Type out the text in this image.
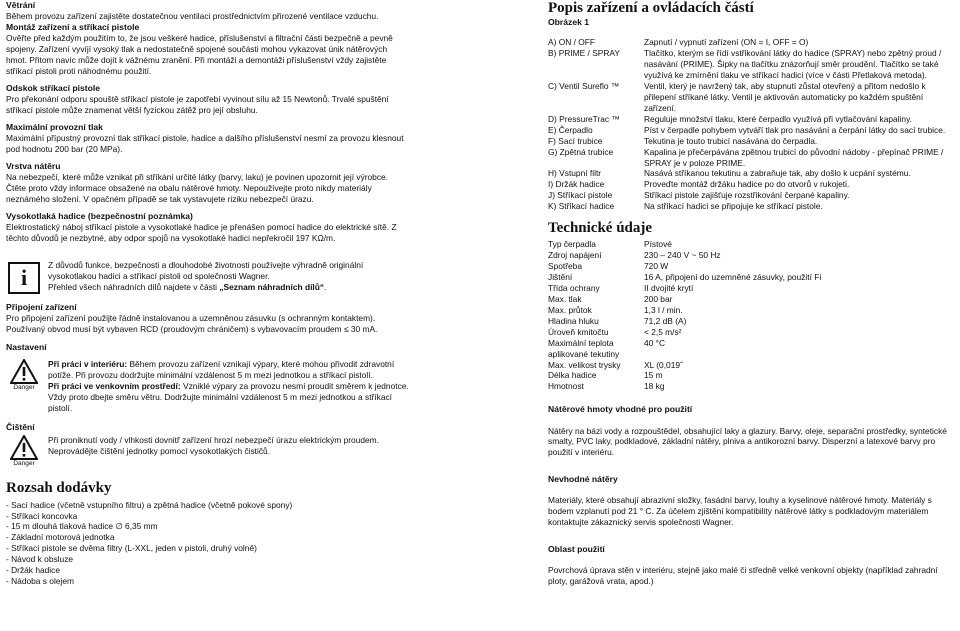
Větrání

Během provozu zařízení zajistěte dostatečnou ventilaci prostřednictvím přirozené ventilace vzduchu.

Montáž zařízení a stříkací pistole

Ověřte před každým použitím to, že jsou veškeré hadice, příslušenství a filtrační části bezpečně a pevně spojeny. Zařízení vyvíjí vysoký tlak a nedostatečně spojené součásti mohou vykazovat únik nátěrových hmot. Přitom navíc může dojít k vážnému zranění. Při montáži a demontáži příslušenství vždy zajistěte stříkací pistoli proti náhodnému použití.

Odskok stříkací pistole

Pro překonání odporu spouště stříkací pistole je zapotřebí vyvinout sílu až 15 Newtonů. Trvalé spuštění stříkací pistole může znamenat větší fyzickou zátěž pro její obsluhu.

Maximální provozní tlak

Maximální přípustný provozní tlak stříkací pistole, hadice a dalšího příslušenství nesmí za provozu klesnout pod hodnotu 200 bar (20 MPa).

Vrstva nátěru

Na nebezpečí, které může vznikat při stříkání určité látky (barvy, laku) je povinen upozornit její výrobce. Čtěte proto vždy informace obsažené na obalu nátěrové hmoty. Nepoužívejte proto nikdy materiály neznámého složení. V opačném případě se tak vystavujete riziku nebezpečí úrazu.

Vysokotlaká hadice (bezpečnostní poznámka)

Elektrostatický náboj stříkací pistole a vysokotlaké hadice je přenášen pomocí hadice do elektrické sítě. Z těchto důvodů je nezbytné, aby odpor spojů na vysokotlaké hadici nepřekročil 197 KΩ/m.

i	Z důvodů funkce, bezpečnosti a dlouhodobé životnosti používejte výhradně originální vysokotlakou hadici a stříkací pistoli od společnosti Wagner.
Přehled všech náhradních dílů najdete v části „Seznam náhradních dílů“.

Připojení zařízení

Pro připojení zařízení použijte řádně instalovanou a uzemněnou zásuvku (s ochranným kontaktem). Používaný obvod musí být vybaven RCD (proudovým chráničem) s vybavovacím proudem ≤ 30 mA.

Nastavení
Danger

Při práci v interiéru: Během provozu zařízení vznikají výpary, které mohou přivodit zdravotní potíže. Při provozu dodržujte minimální vzdálenost 5 m mezi jednotkou a stříkací pistolí.

Při práci ve venkovním prostředí: Vzniklé výpary za provozu nesmí proudit směrem k jednotce. Vždy proto dbejte směru větru. Dodržujte minimální vzdálenost 5 m mezi jednotkou a stříkací pistolí.

Čištění
Danger

Při proniknutí vody / vlhkosti dovnitř zařízení hrozí nebezpečí úrazu elektrickým proudem. Neprovádějte čištění jednotky pomocí vysokotlakých čističů.

Rozsah dodávky
- Sací hadice (včetně vstupního filtru) a zpětná hadice (včetně pokové spony)
- Stříkací koncovka
- 15 m dlouhá tlaková hadice ∅ 6,35 mm
- Základní motorová jednotka
- Stříkací pistole se dvěma filtry (L-XXL, jeden v pistoli, druhý volně)
- Návod k obsluze
- Držák hadice
- Nádoba s olejem
Popis zařízení a ovládacích částí
Obrázek 1
A) ON / OFF	Zapnutí / vypnutí zařízení (ON = I, OFF = O)
B) PRIME / SPRAY	Tlačítko, kterým se řídí vstřikování látky do hadice (SPRAY) nebo zpětný proud / nasávání (PRIME). Šipky na tlačítku znázorňují směr proudění. Tlačítko se také využívá ke zmírnění tlaku ve stříkací hadici (více v části Přetlaková metoda).
C) Ventil Sureflo ™	Ventil, který je navržený tak, aby stupnutí zůstal otevřený a přitom nedošlo k přilepení stříkané látky. Ventil je aktivován automaticky po každém spuštění zařízení.
D) PressureTrac ™	Reguluje množství tlaku, které čerpadlo využívá při vytlačování kapaliny.
E) Čerpadlo	Píst v čerpadle pohybem vytváří tlak pro nasávání a čerpání látky do sací trubice.
F) Sací trubice	Tekutina je touto trubicí nasávána do čerpadla.
G) Zpětná trubice	Kapalina je přečerpávána zpětnou trubicí do původní nádoby - přepínač PRIME / SPRAY je v poloze PRIME.
H) Vstupní filtr	Nasává stříkanou tekutinu a zabraňuje tak, aby došlo k ucpání systému.
I) Držák hadice	Proveďte montáž držáku hadice po do otvorů v rukojeti.
J) Stříkací pistole	Stříkací pistole zajišťuje rozstřikování čerpané kapaliny.
K) Stříkací hadice	Na stříkací hadici se připojuje ke stříkací pistole.
Technické údaje
Typ čerpadla	Pístové
Zdroj napájení	230 – 240 V ~ 50 Hz
Spotřeba	720 W
Jištění	16 A, připojení do uzemněné zásuvky, použití Fi
Třída ochrany	II dvojité krytí
Max. tlak	200 bar
Max. průtok	1,3 l / min.
Hladina hluku	71,2 dB (A)
Úroveň kmitočtu	< 2,5 m/s²
Maximální teplota aplikované tekutiny	40 °C
Max. velikost trysky	XL (0,019˝
Délka hadice	15 m
Hmotnost	18 kg
Nátěrové hmoty vhodné pro použití

Nátěry na bázi vody a rozpouštědel, obsahující laky a glazury. Barvy, oleje, separační prostředky, syntetické smalty, PVC laky, podkladové, základní nátěry, plniva a antikorozní barvy. Disperzní a latexové barvy pro použití v interiéru.

Nevhodné nátěry

Materiály, které obsahují abrazivní složky, fasádní barvy, louhy a kyselinové nátěrové hmoty. Materiály s bodem vzplanutí pod 21 ° C. Za účelem zjištění kompatibility nátěrové látky s podkladovým materiálem kontaktujte zákaznický servis společnosti Wagner.

Oblast použití

Povrchová úprava stěn v interiéru, stejně jako malé či středně velké venkovní objekty (například zahradní ploty, garážová vrata, apod.)
